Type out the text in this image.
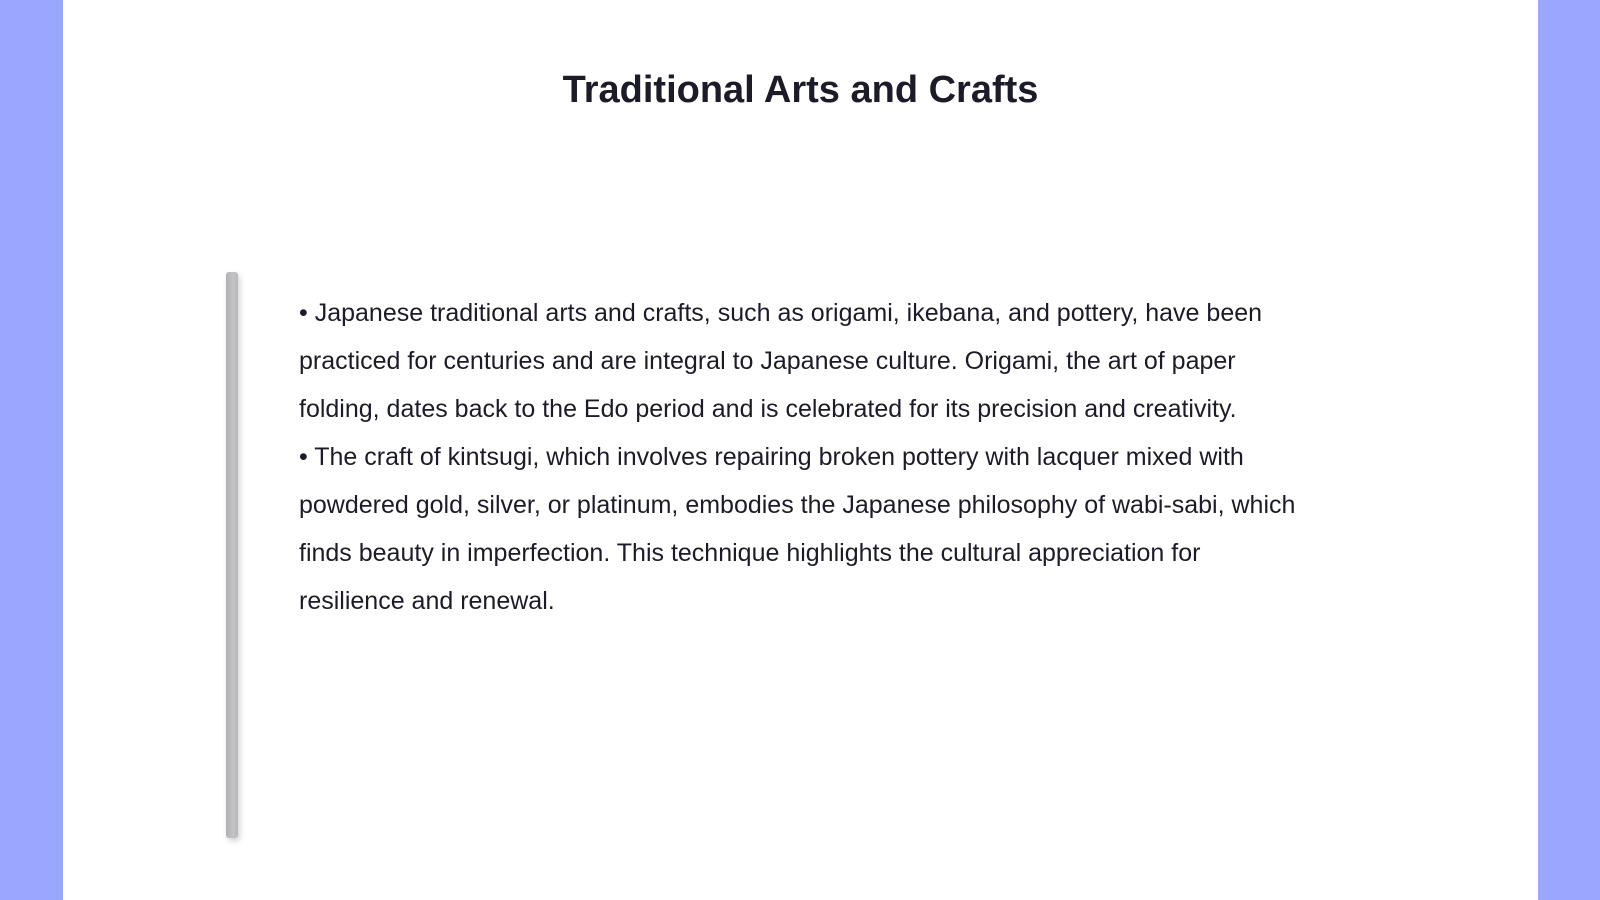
Traditional Arts and Crafts

• Japanese traditional arts and crafts, such as origami, ikebana, and pottery, have been practiced for centuries and are integral to Japanese culture. Origami, the art of paper folding, dates back to the Edo period and is celebrated for its precision and creativity.

• The craft of kintsugi, which involves repairing broken pottery with lacquer mixed with powdered gold, silver, or platinum, embodies the Japanese philosophy of wabi-sabi, which finds beauty in imperfection. This technique highlights the cultural appreciation for resilience and renewal.
